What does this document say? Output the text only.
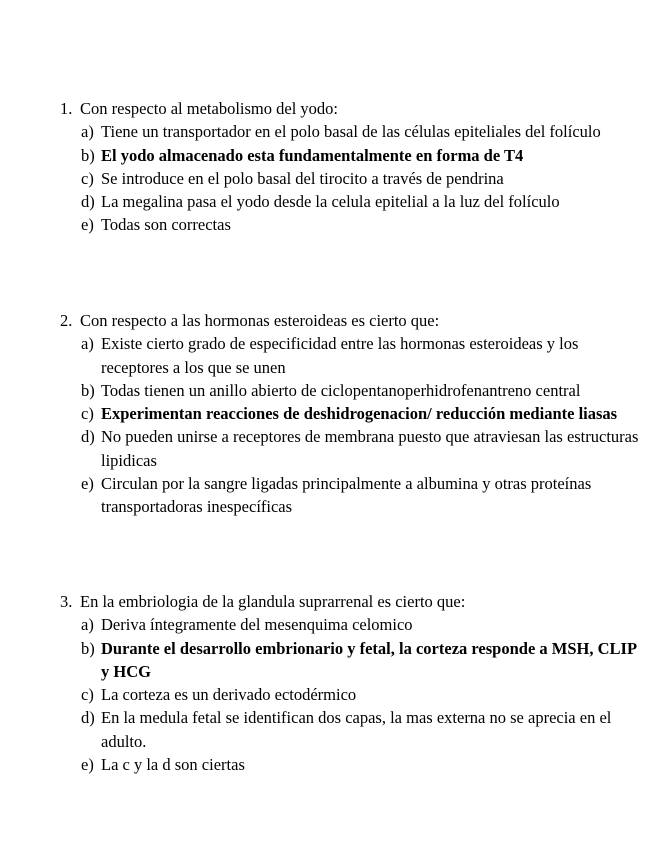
1. Con respecto al metabolismo del yodo:
a) Tiene un transportador en el polo basal de las células epiteliales del folículo
b) El yodo almacenado esta fundamentalmente en forma de T4
c) Se introduce en el polo basal del tirocito a través de pendrina
d) La megalina pasa el yodo desde la celula epitelial a la luz del folículo
e) Todas son correctas
2. Con respecto a las hormonas esteroideas es cierto que:
a) Existe cierto grado de especificidad entre las hormonas esteroideas y los receptores a los que se unen
b) Todas tienen un anillo abierto de ciclopentanoperhidrofenantreno central
c) Experimentan reacciones de deshidrogenacion/ reducción mediante liasas
d) No pueden unirse a receptores de membrana puesto que atraviesan las estructuras lipidicas
e) Circulan por la sangre ligadas principalmente a albumina y otras proteínas transportadoras inespecíficas
3. En la embriologia de la glandula suprarrenal es cierto que:
a) Deriva íntegramente del mesenquima celomico
b) Durante el desarrollo embrionario y fetal, la corteza responde a MSH, CLIP y HCG
c) La corteza es un derivado ectodérmico
d) En la medula fetal se identifican dos capas, la mas externa no se aprecia en el adulto.
e) La c y la d son ciertas
